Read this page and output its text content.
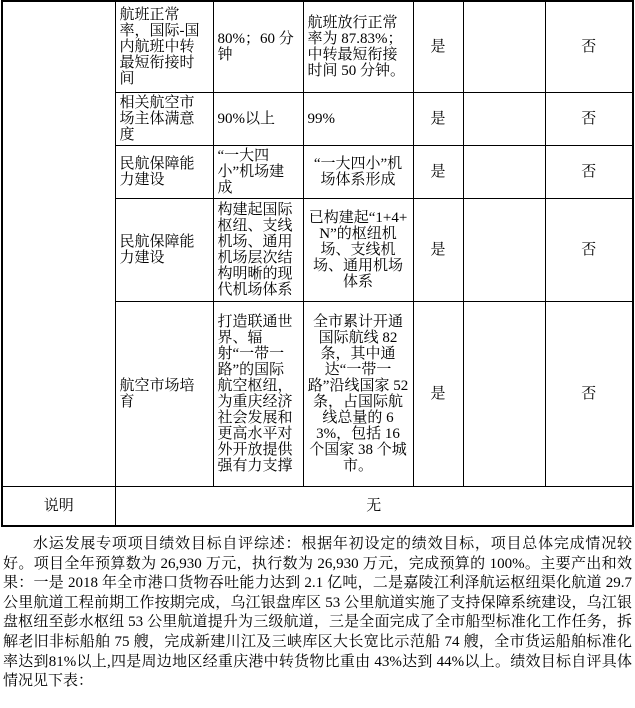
	航班正常率，国际-国内航班中转最短衔接时间	80%；60 分钟	航班放行正常率为 87.83%；中转最短衔接时间 50 分钟。	是		否
	相关航空市场主体满意度	90%以上	99%	是		否
	民航保障能力建设	“一大四小”机场建成	“一大四小”机场体系形成	是		否
	民航保障能力建设	构建起国际枢纽、支线机场、通用机场层次结构明晰的现代机场体系	已构建起“1+4+N”的枢纽机场、支线机场、通用机场体系	是		否
	航空市场培育	打造联通世界、辐射“一带一路”的国际航空枢纽，为重庆经济社会发展和更高水平对外开放提供强有力支撑	全市累计开通国际航线 82 条，其中通达“一带一路”沿线国家 52 条，占国际航线总量的 63%，包括 16 个国家 38 个城市。	是		否
说明	无					

水运发展专项项目绩效目标自评综述：根据年初设定的绩效目标，项目总体完成情况较好。项目全年预算数为 26,930 万元，执行数为 26,930 万元，完成预算的 100%。主要产出和效果：一是 2018 年全市港口货物吞吐能力达到 2.1 亿吨，二是嘉陵江利泽航运枢纽渠化航道 29.7 公里航道工程前期工作按期完成，乌江银盘库区 53 公里航道实施了支持保障系统建设，乌江银盘枢纽至彭水枢纽 53 公里航道提升为三级航道，三是全面完成了全市船型标准化工作任务，拆解老旧非标船舶 75 艘，完成新建川江及三峡库区大长宽比示范船 74 艘，全市货运船舶标准化率达到81%以上,四是周边地区经重庆港中转货物比重由 43%达到 44%以上。绩效目标自评具体情况见下表：
